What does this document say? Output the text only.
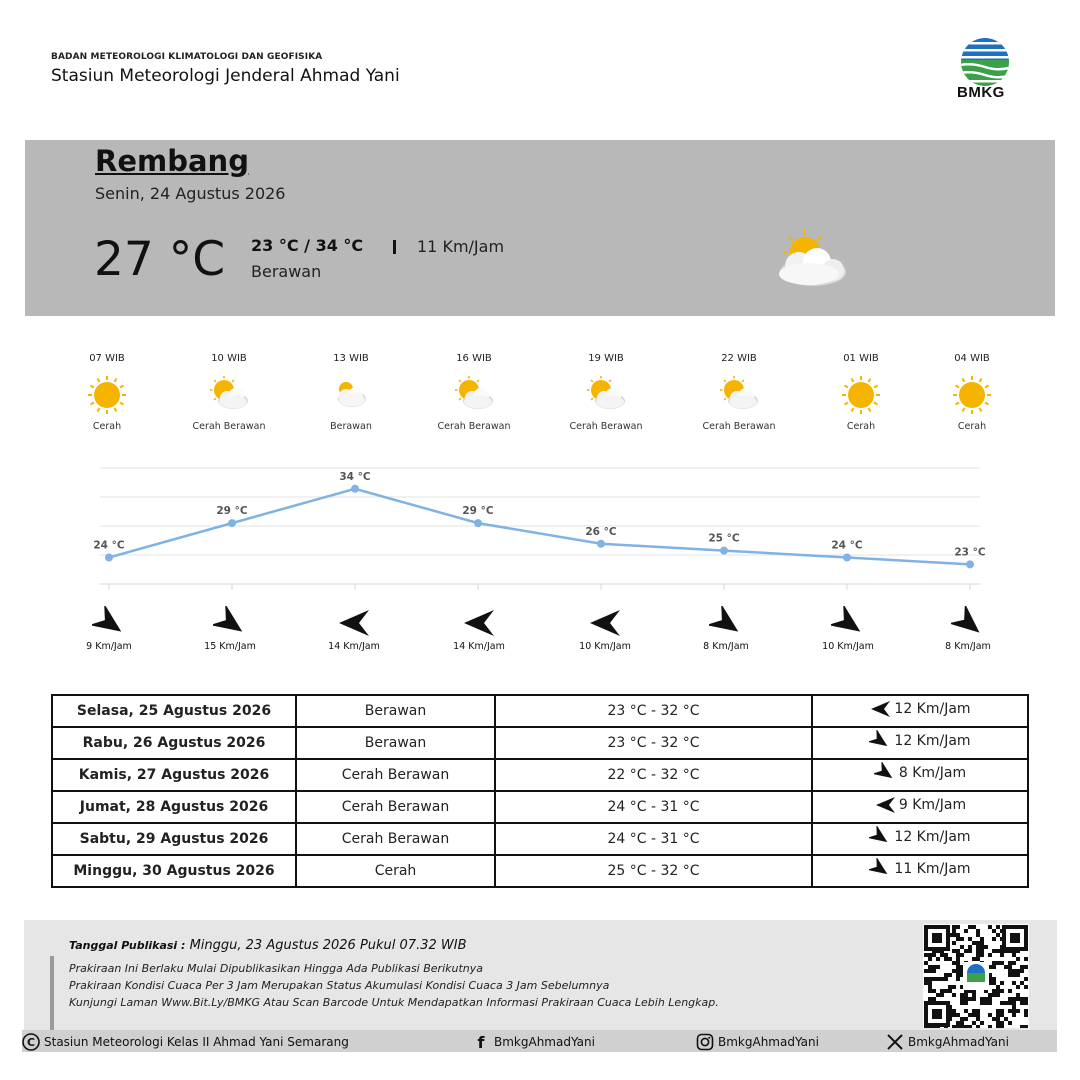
BADAN METEOROLOGI KLIMATOLOGI DAN GEOFISIKA
Stasiun Meteorologi Jenderal Ahmad Yani
BMKG
Rembang
Senin, 24 Agustus 2026
27 °C 23 °C / 34 °C	11 Km/Jam
Berawan
07 WIB
Cerah
10 WIB
Cerah Berawan
13 WIB
Berawan
16 WIB
Cerah Berawan
19 WIB
Cerah Berawan
22 WIB
Cerah Berawan
01 WIB
Cerah
04 WIB
Cerah
24 °C
29 °C
34 °C
29 °C
26 °C
25 °C
24 °C
23 °C
9 Km/Jam	15 Km/Jam	14 Km/Jam	14 Km/Jam	10 Km/Jam	8 Km/Jam	10 Km/Jam	8 Km/Jam
Selasa, 25 Agustus 2026	Berawan	23 °C - 32 °C	12 Km/Jam

Rabu, 26 Agustus 2026	Berawan	23 °C - 32 °C	12 Km/Jam

Kamis, 27 Agustus 2026	Cerah Berawan	22 °C - 32 °C	8 Km/Jam

Jumat, 28 Agustus 2026	Cerah Berawan	24 °C - 31 °C	9 Km/Jam

Sabtu, 29 Agustus 2026	Cerah Berawan	24 °C - 31 °C	12 Km/Jam

Minggu, 30 Agustus 2026	Cerah	25 °C - 32 °C	11 Km/Jam
Tanggal Publikasi : Minggu, 23 Agustus 2026 Pukul 07.32 WIB
Prakiraan Ini Berlaku Mulai Dipublikasikan Hingga Ada Publikasi Berikutnya
Prakiraan Kondisi Cuaca Per 3 Jam Merupakan Status Akumulasi Kondisi Cuaca 3 Jam Sebelumnya
Kunjungi Laman Www.Bit.Ly/BMKG Atau Scan Barcode Untuk Mendapatkan Informasi Prakiraan Cuaca Lebih Lengkap.
C Stasiun Meteorologi Kelas II Ahmad Yani Semarang	f BmkgAhmadYani	BmkgAhmadYani	BmkgAhmadYani
